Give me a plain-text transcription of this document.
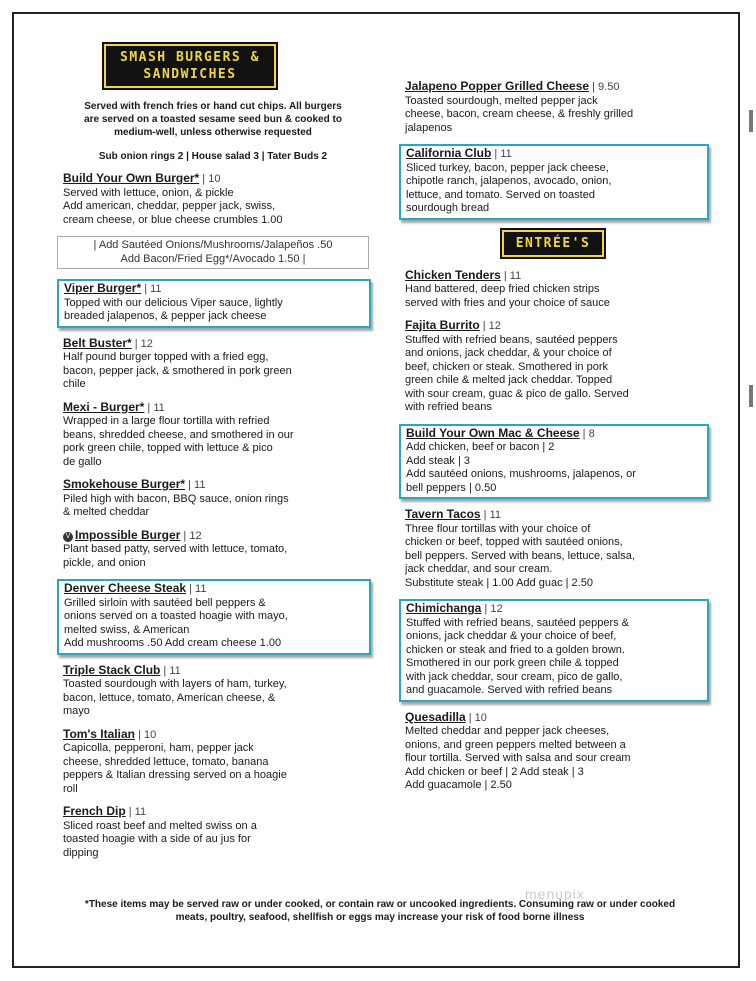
SMASH BURGERS &
SANDWICHES
Served with french fries or hand cut chips. All burgers
are served on a toasted sesame seed bun & cooked to
medium-well, unless otherwise requested
Sub onion rings 2 | House salad 3 | Tater Buds 2
Build Your Own Burger* | 10
Served with lettuce, onion, & pickle
Add american, cheddar, pepper jack, swiss,
cream cheese, or blue cheese crumbles 1.00
| Add Sautéed Onions/Mushrooms/Jalapeños .50
Add Bacon/Fried Egg*/Avocado 1.50 |
Viper Burger* | 11
Topped with our delicious Viper sauce, lightly
breaded jalapenos, & pepper jack cheese
Belt Buster* | 12
Half pound burger topped with a fried egg,
bacon, pepper jack, & smothered in pork green
chile
Mexi - Burger* | 11
Wrapped in a large flour tortilla with refried
beans, shredded cheese, and smothered in our
pork green chile, topped with lettuce & pico
de gallo
Smokehouse Burger* | 11
Piled high with bacon, BBQ sauce, onion rings
& melted cheddar
V Impossible Burger | 12
Plant based patty, served with lettuce, tomato,
pickle, and onion
Denver Cheese Steak | 11
Grilled sirloin with sautéed bell peppers &
onions served on a toasted hoagie with mayo,
melted swiss, & American
Add mushrooms .50 Add cream cheese 1.00
Triple Stack Club | 11
Toasted sourdough with layers of ham, turkey,
bacon, lettuce, tomato, American cheese, &
mayo
Tom's Italian | 10
Capicolla, pepperoni, ham, pepper jack
cheese, shredded lettuce, tomato, banana
peppers & Italian dressing served on a hoagie
roll
French Dip | 11
Sliced roast beef and melted swiss on a
toasted hoagie with a side of au jus for
dipping
Jalapeno Popper Grilled Cheese | 9.50
Toasted sourdough, melted pepper jack
cheese, bacon, cream cheese, & freshly grilled
jalapenos
California Club | 11
Sliced turkey, bacon, pepper jack cheese,
chipotle ranch, jalapenos, avocado, onion,
lettuce, and tomato. Served on toasted
sourdough bread
ENTRÉE'S
Chicken Tenders | 11
Hand battered, deep fried chicken strips
served with fries and your choice of sauce
Fajita Burrito | 12
Stuffed with refried beans, sautéed peppers
and onions, jack cheddar, & your choice of
beef, chicken or steak. Smothered in pork
green chile & melted jack cheddar. Topped
with sour cream, guac & pico de gallo. Served
with refried beans
Build Your Own Mac & Cheese | 8
Add chicken, beef or bacon | 2
Add steak | 3
Add sautéed onions, mushrooms, jalapenos, or
bell peppers | 0.50
Tavern Tacos | 11
Three flour tortillas with your choice of
chicken or beef, topped with sautéed onions,
bell peppers. Served with beans, lettuce, salsa,
jack cheddar, and sour cream.
Substitute steak | 1.00 Add guac | 2.50
Chimichanga | 12
Stuffed with refried beans, sautéed peppers &
onions, jack cheddar & your choice of beef,
chicken or steak and fried to a golden brown.
Smothered in our pork green chile & topped
with jack cheddar, sour cream, pico de gallo,
and guacamole. Served with refried beans
Quesadilla | 10
Melted cheddar and pepper jack cheeses,
onions, and green peppers melted between a
flour tortilla. Served with salsa and sour cream
Add chicken or beef | 2 Add steak | 3
Add guacamole | 2.50
*These items may be served raw or under cooked, or contain raw or uncooked ingredients. Consuming raw or under cooked
meats, poultry, seafood, shellfish or eggs may increase your risk of food borne illness
menupix
